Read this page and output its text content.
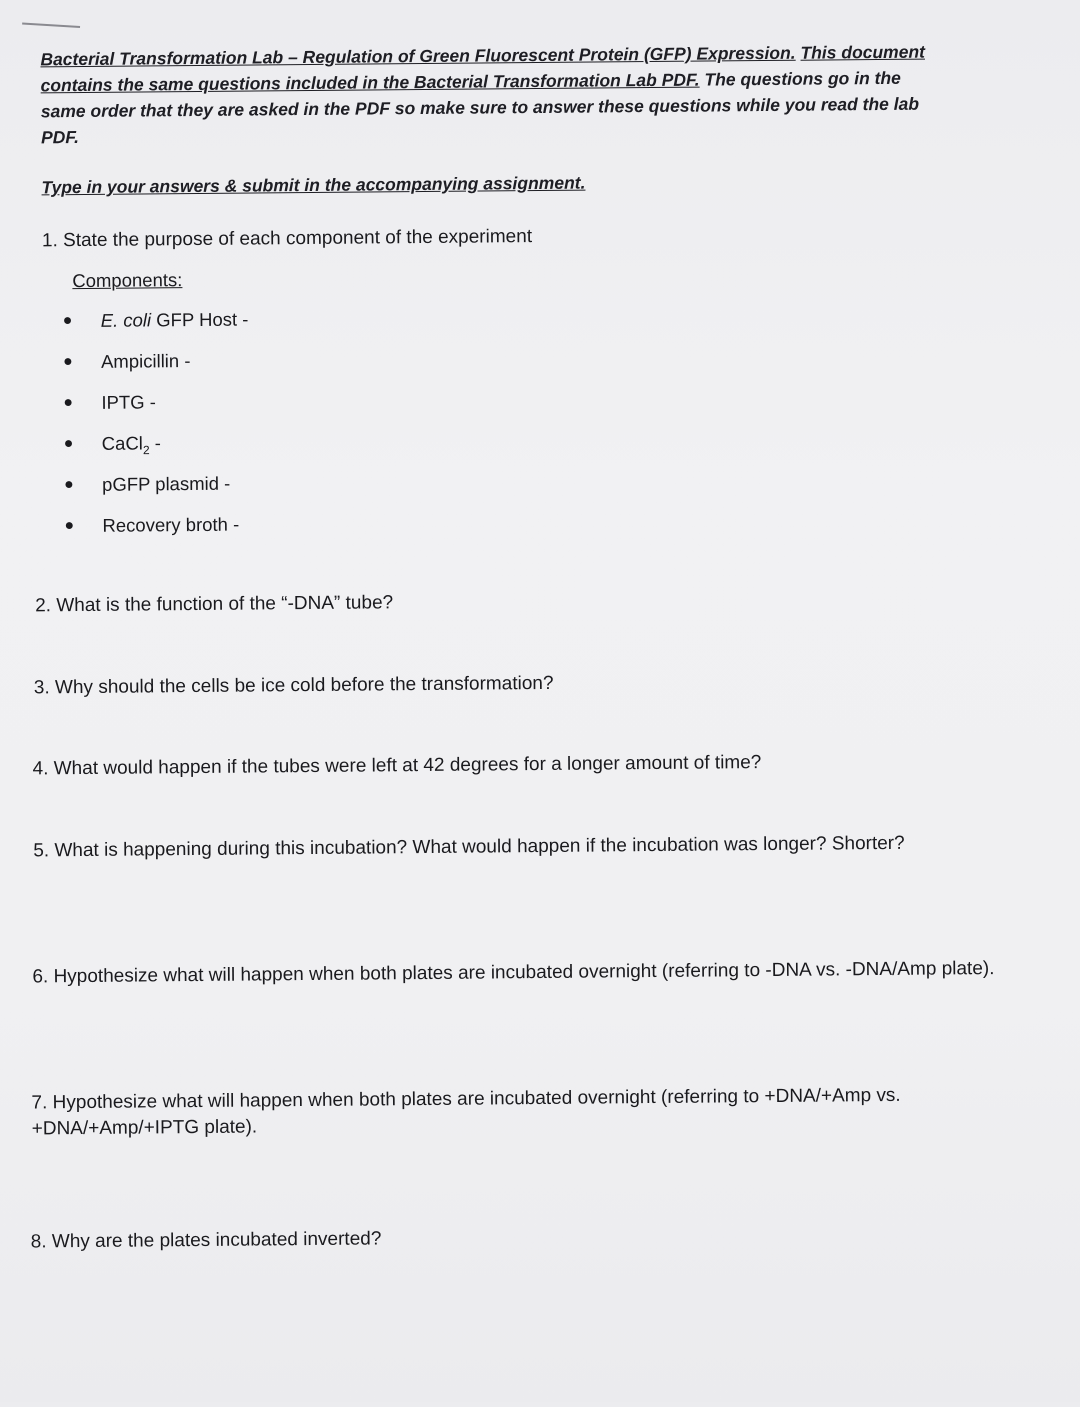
​
Bacterial Transformation Lab – Regulation of Green Fluorescent Protein (GFP) Expression. This document
contains the same questions included in the Bacterial Transformation Lab PDF. The questions go in the
same order that they are asked in the PDF so make sure to answer these questions while you read the lab
PDF.
Type in your answers & submit in the accompanying assignment.
1. State the purpose of each component of the experiment
Components:
●	E. coli GFP Host -
●	Ampicillin -
●	IPTG -
●	CaCl$_2$ -
●	pGFP plasmid -
●	Recovery broth -
2. What is the function of the “-DNA” tube?
3. Why should the cells be ice cold before the transformation?
4. What would happen if the tubes were left at 42 degrees for a longer amount of time?
5. What is happening during this incubation? What would happen if the incubation was longer? Shorter?
6. Hypothesize what will happen when both plates are incubated overnight (referring to -DNA vs. -DNA/Amp plate).
7. Hypothesize what will happen when both plates are incubated overnight (referring to +DNA/+Amp vs. +DNA/+Amp/+IPTG plate).
8. Why are the plates incubated inverted?
